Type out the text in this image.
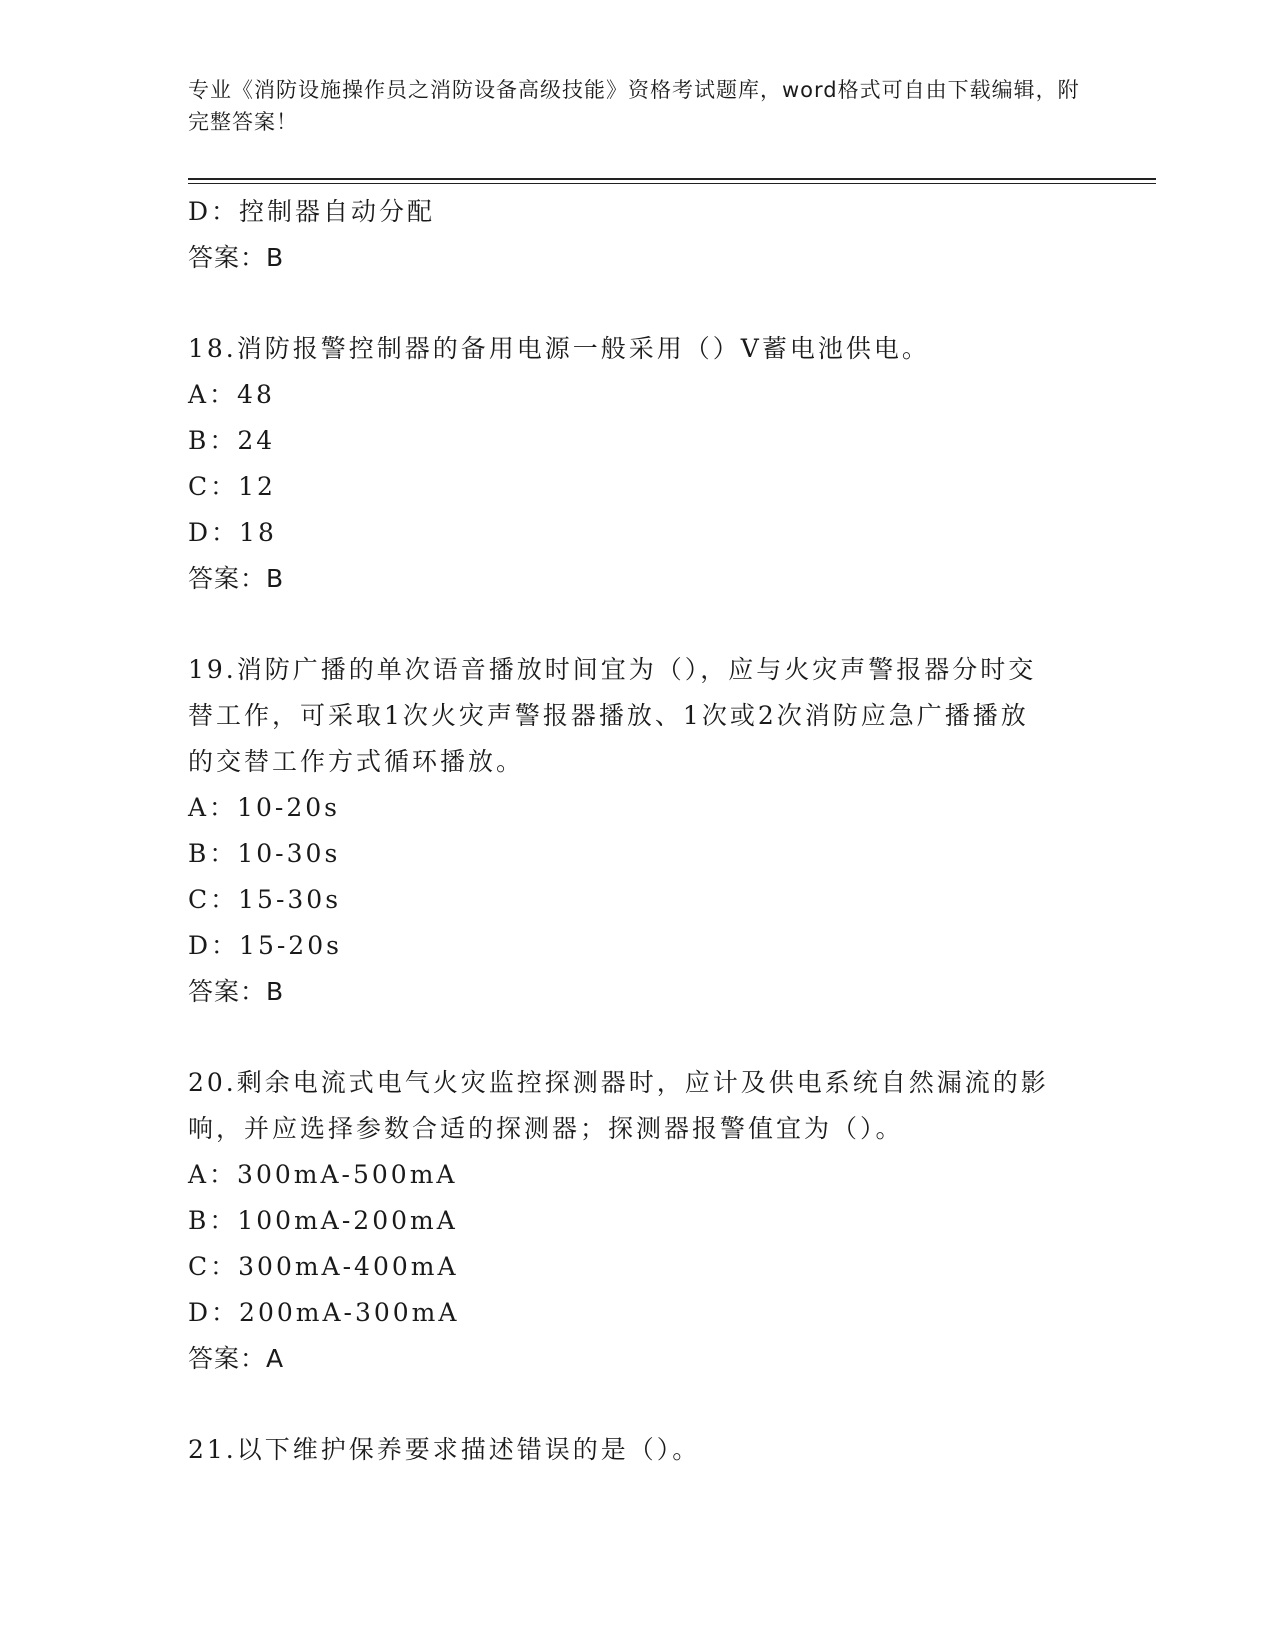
专业《消防设施操作员之消防设备高级技能》资格考试题库，word格式可自由下载编辑，附完整答案！
D：控制器自动分配
答案：B
18.消防报警控制器的备用电源一般采用（）V蓄电池供电。
A：48
B：24
C：12
D：18
答案：B
19.消防广播的单次语音播放时间宜为（），应与火灾声警报器分时交
替工作，可采取1次火灾声警报器播放、1次或2次消防应急广播播放
的交替工作方式循环播放。
A：10-20s
B：10-30s
C：15-30s
D：15-20s
答案：B
20.剩余电流式电气火灾监控探测器时，应计及供电系统自然漏流的影
响，并应选择参数合适的探测器；探测器报警值宜为（）。
A：300mA-500mA
B：100mA-200mA
C：300mA-400mA
D：200mA-300mA
答案：A
21.以下维护保养要求描述错误的是（）。
